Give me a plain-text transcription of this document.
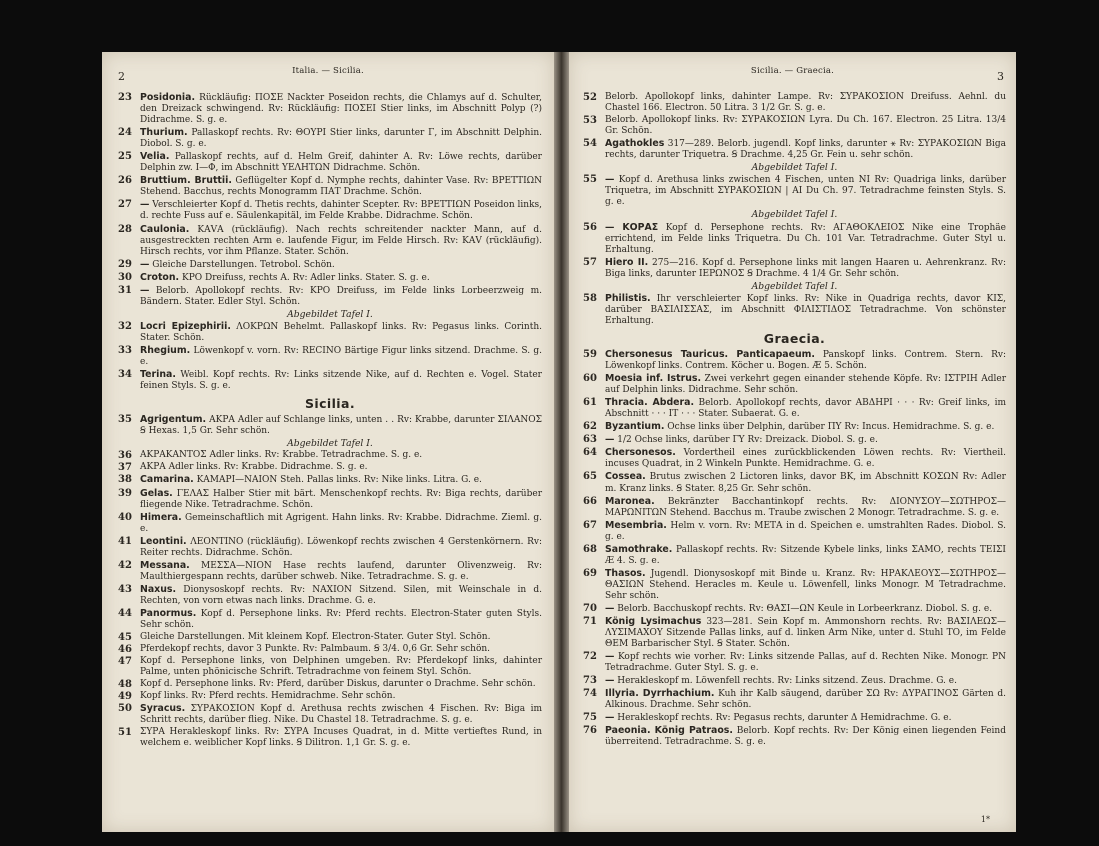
2	Italia. — Sicilia.
23 Posidonia. Rückläufig: ΠΟΣΕ Nackter Poseidon rechts, die Chlamys auf d. Schulter, den Dreizack schwingend. Rv: Rückläufig: ΠΟΣΕΙ Stier links, im Abschnitt Polyp (?) Didrachme. S. g. e.
24 Thurium. Pallaskopf rechts. Rv: ΘΟΥΡΙ Stier links, darunter Γ, im Abschnitt Delphin. Diobol. S. g. e.
25 Velia. Pallaskopf rechts, auf d. Helm Greif, dahinter Α. Rv: Löwe rechts, darüber Delphin zw. Ι—Φ, im Abschnitt ΥΕΛΗΤΩΝ Didrachme. Schön.
26 Bruttium. Bruttii. Geflügelter Kopf d. Nymphe rechts, dahinter Vase. Rv: ΒΡΕΤΤΙΩΝ Stehend. Bacchus, rechts Monogramm ΠΑΤ Drachme. Schön.
27 — Verschleierter Kopf d. Thetis rechts, dahinter Scepter. Rv: ΒΡΕΤΤΙΩΝ Poseidon links, d. rechte Fuss auf e. Säulenkapitäl, im Felde Krabbe. Didrachme. Schön.
28 Caulonia. ΚΑVΑ (rückläufig). Nach rechts schreitender nackter Mann, auf d. ausgestreckten rechten Arm e. laufende Figur, im Felde Hirsch. Rv: ΚΑV (rückläufig). Hirsch rechts, vor ihm Pflanze. Stater. Schön.
29 — Gleiche Darstellungen. Tetrobol. Schön.
30 Croton. ΚΡΟ Dreifuss, rechts Α. Rv: Adler links. Stater. S. g. e.
31 — Belorb. Apollokopf rechts. Rv: ΚΡΟ Dreifuss, im Felde links Lorbeerzweig m. Bändern. Stater. Edler Styl. Schön.
Abgebildet Tafel I.
32 Locri Epizephirii. ΛΟΚΡΩΝ Behelmt. Pallaskopf links. Rv: Pegasus links. Corinth. Stater. Schön.
33 Rhegium. Löwenkopf v. vorn. Rv: RECINO Bärtige Figur links sitzend. Drachme. S. g. e.
34 Terina. Weibl. Kopf rechts. Rv: Links sitzende Nike, auf d. Rechten e. Vogel. Stater feinen Styls. S. g. e.
Sicilia.
35 Agrigentum. ΑΚΡΑ Adler auf Schlange links, unten . . Rv: Krabbe, darunter ΣΙΛΑΝΟΣ Ꞩ Hexas. 1,5 Gr. Sehr schön.
Abgebildet Tafel I.
36 ΑΚΡΑΚΑΝΤΟΣ Adler links. Rv: Krabbe. Tetradrachme. S. g. e.
37 ΑΚΡΑ Adler links. Rv: Krabbe. Didrachme. S. g. e.
38 Camarina. ΚΑΜΑΡΙ—ΝΑΙΟΝ Steh. Pallas links. Rv: Nike links. Litra. G. e.
39 Gelas. ΓΕΛΑΣ Halber Stier mit bärt. Menschenkopf rechts. Rv: Biga rechts, darüber fliegende Nike. Tetradrachme. Schön.
40 Himera. Gemeinschaftlich mit Agrigent. Hahn links. Rv: Krabbe. Didrachme. Zieml. g. e.
41 Leontini. ΛΕΟΝΤΙΝΟ (rückläufig). Löwenkopf rechts zwischen 4 Gerstenkörnern. Rv: Reiter rechts. Didrachme. Schön.
42 Messana. ΜΕΣΣΑ—ΝΙΟΝ Hase rechts laufend, darunter Olivenzweig. Rv: Maulthiergespann rechts, darüber schweb. Nike. Tetradrachme. S. g. e.
43 Naxus. Dionysoskopf rechts. Rv: ΝΑΧΙΟΝ Sitzend. Silen, mit Weinschale in d. Rechten, von vorn etwas nach links. Drachme. G. e.
44 Panormus. Kopf d. Persephone links. Rv: Pferd rechts. Electron-Stater guten Styls. Sehr schön.
45 Gleiche Darstellungen. Mit kleinem Kopf. Electron-Stater. Guter Styl. Schön.
46 Pferdekopf rechts, davor 3 Punkte. Rv: Palmbaum. Ꞩ 3/4. 0,6 Gr. Sehr schön.
47 Kopf d. Persephone links, von Delphinen umgeben. Rv: Pferdekopf links, dahinter Palme, unten phönicische Schrift. Tetradrachme von feinem Styl. Schön.
48 Kopf d. Persephone links. Rv: Pferd, darüber Diskus, darunter o Drachme. Sehr schön.
49 Kopf links. Rv: Pferd rechts. Hemidrachme. Sehr schön.
50 Syracus. ΣΥΡΑΚΟΣΙΟΝ Kopf d. Arethusa rechts zwischen 4 Fischen. Rv: Biga im Schritt rechts, darüber flieg. Nike. Du Chastel 18. Tetradrachme. S. g. e.
51 ΣΥΡΑ Herakleskopf links. Rv: ΣΥΡΑ Incuses Quadrat, in d. Mitte vertieftes Rund, in welchem e. weiblicher Kopf links. Ꞩ Dilitron. 1,1 Gr. S. g. e.
Sicilia. — Graecia.	3
52 Belorb. Apollokopf links, dahinter Lampe. Rv: ΣΥΡΑΚΟΣΙΟΝ Dreifuss. Aehnl. du Chastel 166. Electron. 50 Litra. 3 1/2 Gr. S. g. e.
53 Belorb. Apollokopf links. Rv: ΣΥΡΑΚΟΣΙΩΝ Lyra. Du Ch. 167. Electron. 25 Litra. 13/4 Gr. Schön.
54 Agathokles 317—289. Belorb. jugendl. Kopf links, darunter ⚹ Rv: ΣΥΡΑΚΟΣΙΩΝ Biga rechts, darunter Triquetra. Ꞩ Drachme. 4,25 Gr. Fein u. sehr schön.
Abgebildet Tafel I.
55 — Kopf d. Arethusa links zwischen 4 Fischen, unten ΝΙ Rv: Quadriga links, darüber Triquetra, im Abschnitt ΣΥΡΑΚΟΣΙΩΝ | ΑΙ Du Ch. 97. Tetradrachme feinsten Styls. S. g. e.
Abgebildet Tafel I.
56 — ΚΟΡΑΣ Kopf d. Persephone rechts. Rv: ΑΓΑΘΟΚΛΕΙΟΣ Nike eine Trophäe errichtend, im Felde links Triquetra. Du Ch. 101 Var. Tetradrachme. Guter Styl u. Erhaltung.
57 Hiero II. 275—216. Kopf d. Persephone links mit langen Haaren u. Aehrenkranz. Rv: Biga links, darunter ΙΕΡΩΝΟΣ Ꞩ Drachme. 4 1/4 Gr. Sehr schön.
Abgebildet Tafel I.
58 Philistis. Ihr verschleierter Kopf links. Rv: Nike in Quadriga rechts, davor ΚΙΣ, darüber ΒΑΣΙΛΙΣΣΑΣ, im Abschnitt ΦΙΛΙΣΤΙΔΟΣ Tetradrachme. Von schönster Erhaltung.
Graecia.
59 Chersonesus Tauricus. Panticapaeum. Panskopf links. Contrem. Stern. Rv: Löwenkopf links. Contrem. Köcher u. Bogen. Æ 5. Schön.
60 Moesia inf. Istrus. Zwei verkehrt gegen einander stehende Köpfe. Rv: ΙΣΤΡΙΗ Adler auf Delphin links. Didrachme. Sehr schön.
61 Thracia. Abdera. Belorb. Apollokopf rechts, davor ΑΒΔΗΡΙ · · · Rv: Greif links, im Abschnitt · · · ΙΤ · · · Stater. Subaerat. G. e.
62 Byzantium. Ochse links über Delphin, darüber ΠΥ Rv: Incus. Hemidrachme. S. g. e.
63 — 1/2 Ochse links, darüber ΓΥ Rv: Dreizack. Diobol. S. g. e.
64 Chersonesos. Vordertheil eines zurückblickenden Löwen rechts. Rv: Viertheil. incuses Quadrat, in 2 Winkeln Punkte. Hemidrachme. G. e.
65 Cossea. Brutus zwischen 2 Lictoren links, davor ΒΚ, im Abschnitt ΚΟΣΩΝ Rv: Adler m. Kranz links. Ꞩ Stater. 8,25 Gr. Sehr schön.
66 Maronea. Bekränzter Bacchantinkopf rechts. Rv: ΔΙΟΝΥΣΟΥ—ΣΩΤΗΡΟΣ—ΜΑΡΩΝΙΤΩΝ Stehend. Bacchus m. Traube zwischen 2 Monogr. Tetradrachme. S. g. e.
67 Mesembria. Helm v. vorn. Rv: ΜΕΤΑ in d. Speichen e. umstrahlten Rades. Diobol. S. g. e.
68 Samothrake. Pallaskopf rechts. Rv: Sitzende Kybele links, links ΣΑΜΟ, rechts ΤΕΙΣΙ Æ 4. S. g. e.
69 Thasos. Jugendl. Dionysoskopf mit Binde u. Kranz. Rv: ΗΡΑΚΛΕΟΥΣ—ΣΩΤΗΡΟΣ—ΘΑΣΙΩΝ Stehend. Heracles m. Keule u. Löwenfell, links Monogr. M Tetradrachme. Sehr schön.
70 — Belorb. Bacchuskopf rechts. Rv: ΘΑΣΙ—ΩΝ Keule in Lorbeerkranz. Diobol. S. g. e.
71 König Lysimachus 323—281. Sein Kopf m. Ammonshorn rechts. Rv: ΒΑΣΙΛΕΩΣ—ΛΥΣΙΜΑΧΟΥ Sitzende Pallas links, auf d. linken Arm Nike, unter d. Stuhl ΤΟ, im Felde ΘΕΜ Barbarischer Styl. Ꞩ Stater. Schön.
72 — Kopf rechts wie vorher. Rv: Links sitzende Pallas, auf d. Rechten Nike. Monogr. ΡΝ Tetradrachme. Guter Styl. S. g. e.
73 — Herakleskopf m. Löwenfell rechts. Rv: Links sitzend. Zeus. Drachme. G. e.
74 Illyria. Dyrrhachium. Kuh ihr Kalb säugend, darüber ΣΩ Rv: ΔΥΡΑΓΙΝΟΣ Gärten d. Alkinous. Drachme. Sehr schön.
75 — Herakleskopf rechts. Rv: Pegasus rechts, darunter Δ Hemidrachme. G. e.
76 Paeonia. König Patraos. Belorb. Kopf rechts. Rv: Der König einen liegenden Feind überreitend. Tetradrachme. S. g. e.
1*
